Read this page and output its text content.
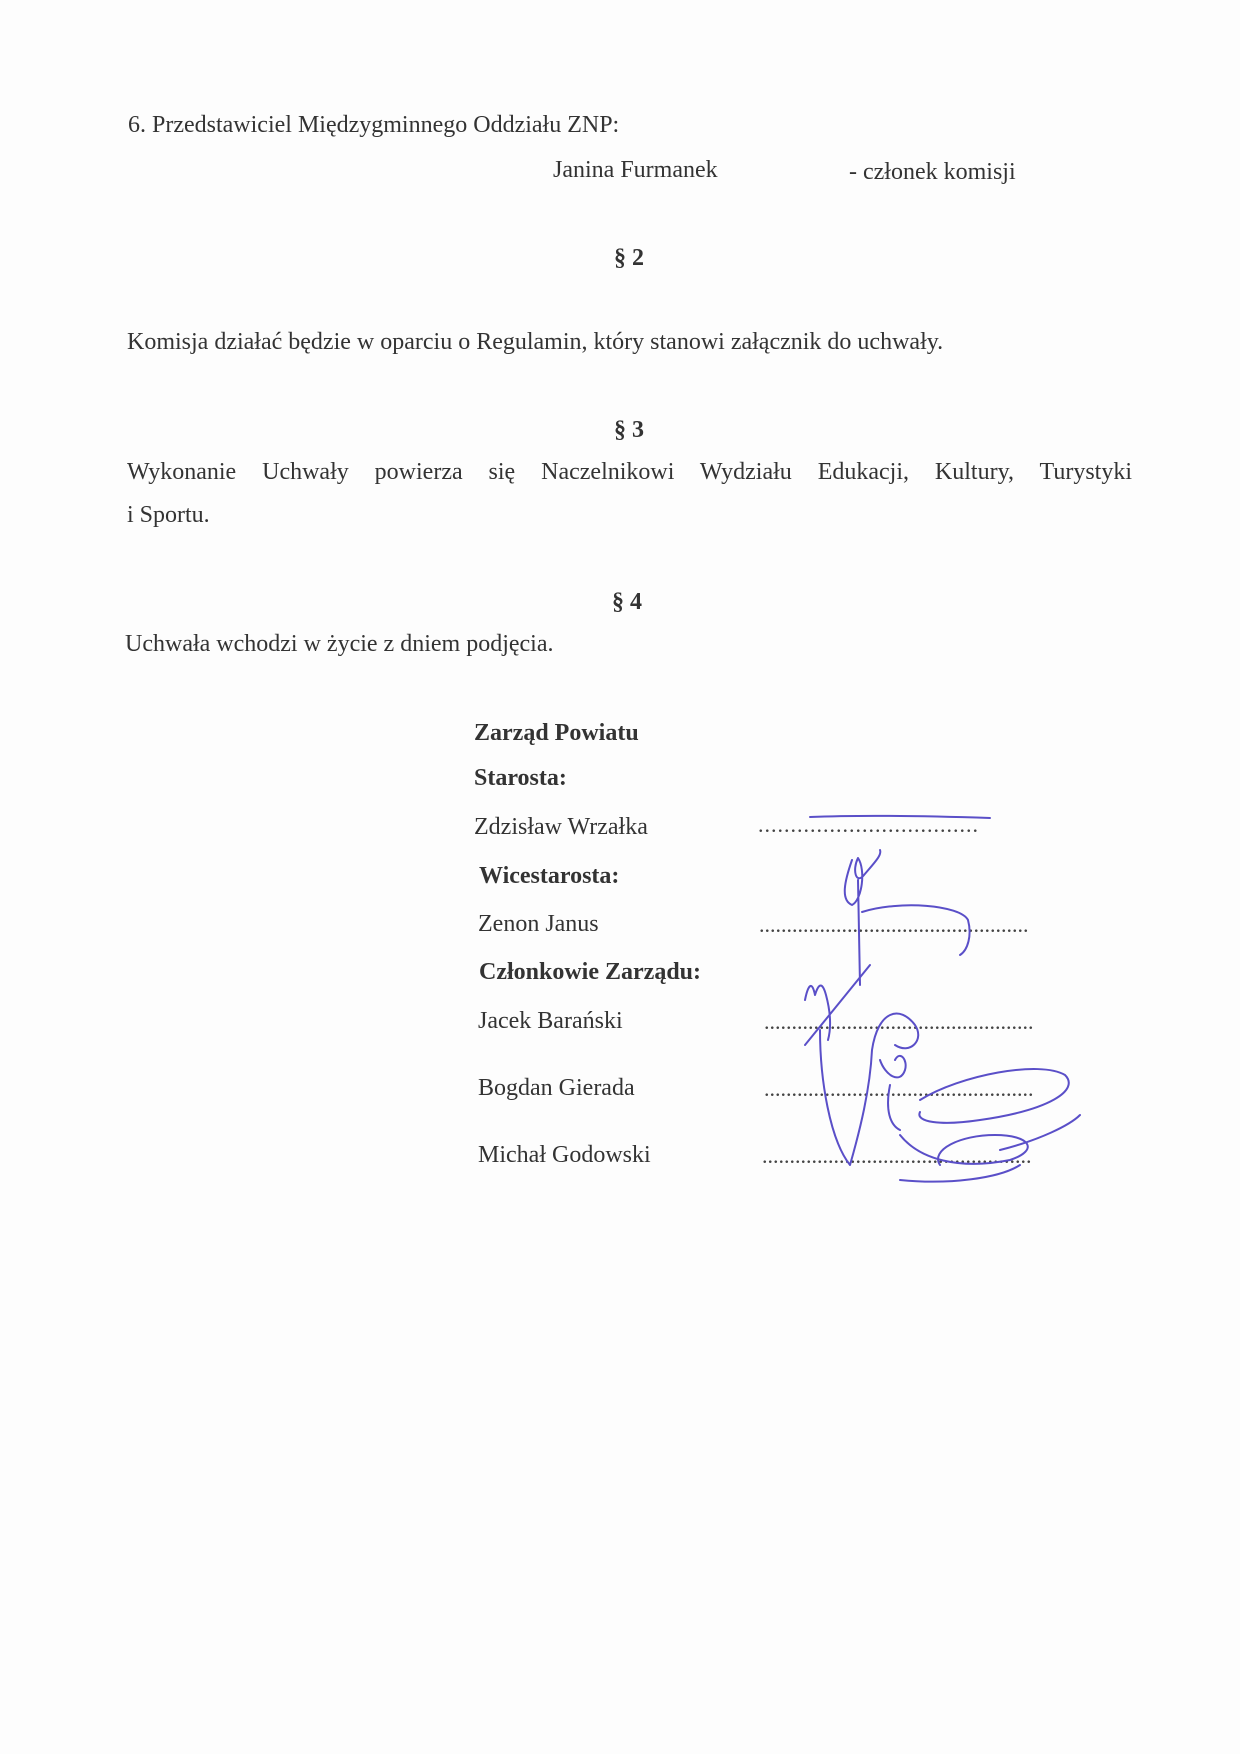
6. Przedstawiciel Międzygminnego Oddziału ZNP:
Janina Furmanek	- członek komisji
§ 2
Komisja działać będzie w oparciu o Regulamin, który stanowi załącznik do uchwały.
§ 3
Wykonanie Uchwały powierza się Naczelnikowi Wydziału Edukacji, Kultury, Turystyki
i Sportu.
§ 4
Uchwała wchodzi w życie z dniem podjęcia.
Zarząd Powiatu
Starosta:
Zdzisław Wrzałka	..................................
Wicestarosta:
Zenon Janus	.................................................
Członkowie Zarządu:
Jacek Barański	.................................................
Bogdan Gierada	.................................................
Michał Godowski	.................................................
